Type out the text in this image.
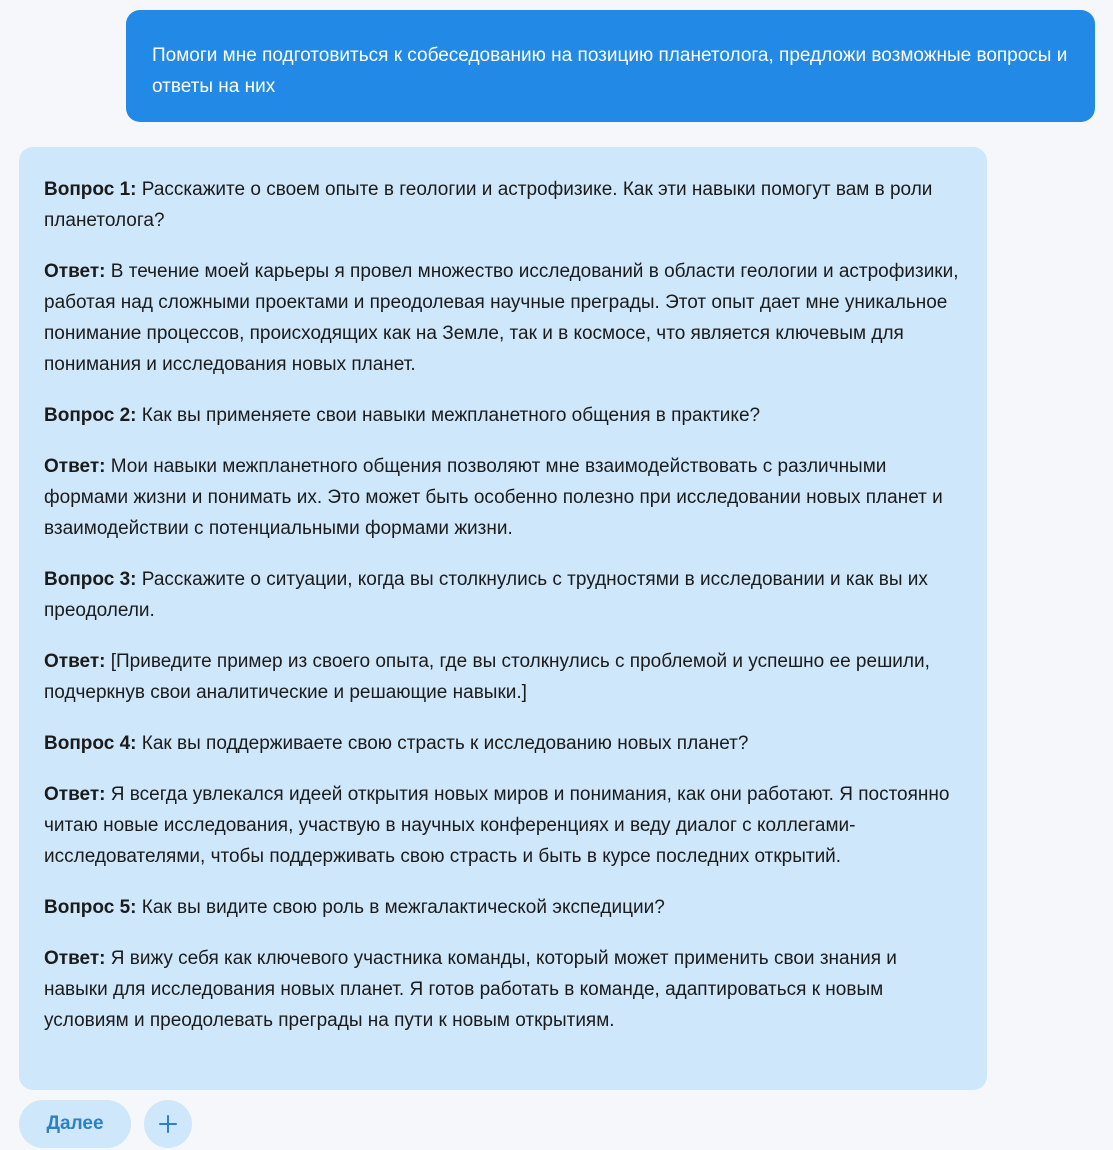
Помоги мне подготовиться к собеседованию на позицию планетолога, предложи возможные вопросы и ответы на них

Вопрос 1: Расскажите о своем опыте в геологии и астрофизике. Как эти навыки помогут вам в роли планетолога?

Ответ: В течение моей карьеры я провел множество исследований в области геологии и астрофизики, работая над сложными проектами и преодолевая научные преграды. Этот опыт дает мне уникальное понимание процессов, происходящих как на Земле, так и в космосе, что является ключевым для понимания и исследования новых планет.

Вопрос 2: Как вы применяете свои навыки межпланетного общения в практике?

Ответ: Мои навыки межпланетного общения позволяют мне взаимодействовать с различными формами жизни и понимать их. Это может быть особенно полезно при исследовании новых планет и взаимодействии с потенциальными формами жизни.

Вопрос 3: Расскажите о ситуации, когда вы столкнулись с трудностями в исследовании и как вы их преодолели.

Ответ: [Приведите пример из своего опыта, где вы столкнулись с проблемой и успешно ее решили, подчеркнув свои аналитические и решающие навыки.]

Вопрос 4: Как вы поддерживаете свою страсть к исследованию новых планет?

Ответ: Я всегда увлекался идеей открытия новых миров и понимания, как они работают. Я постоянно читаю новые исследования, участвую в научных конференциях и веду диалог с коллегами-исследователями, чтобы поддерживать свою страсть и быть в курсе последних открытий.

Вопрос 5: Как вы видите свою роль в межгалактической экспедиции?

Ответ: Я вижу себя как ключевого участника команды, который может применить свои знания и навыки для исследования новых планет. Я готов работать в команде, адаптироваться к новым условиям и преодолевать преграды на пути к новым открытиям.

Далее
